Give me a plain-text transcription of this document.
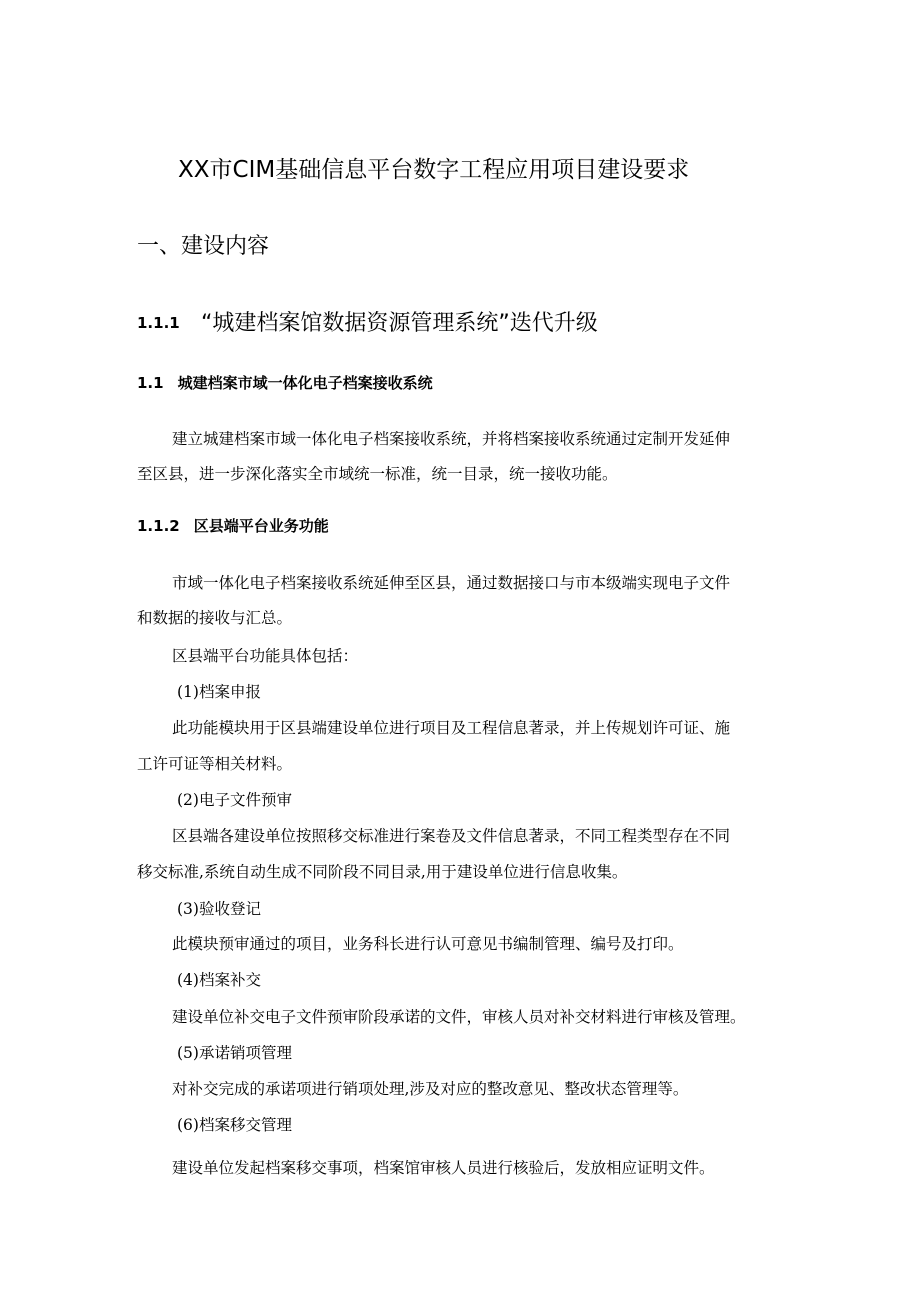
XX市CIM基础信息平台数字工程应用项目建设要求
一、建设内容
1.1.1 “城建档案馆数据资源管理系统”迭代升级
1.1 城建档案市域一体化电子档案接收系统
建立城建档案市域一体化电子档案接收系统，并将档案接收系统通过定制开发延伸
至区县，进一步深化落实全市域统一标准，统一目录，统一接收功能。
1.1.2 区县端平台业务功能
市域一体化电子档案接收系统延伸至区县，通过数据接口与市本级端实现电子文件
和数据的接收与汇总。
区县端平台功能具体包括：
(1)档案申报
此功能模块用于区县端建设单位进行项目及工程信息著录，并上传规划许可证、施
工许可证等相关材料。
(2)电子文件预审
区县端各建设单位按照移交标准进行案卷及文件信息著录，不同工程类型存在不同
移交标准,系统自动生成不同阶段不同目录,用于建设单位进行信息收集。
(3)验收登记
此模块预审通过的项目，业务科长进行认可意见书编制管理、编号及打印。
(4)档案补交
建设单位补交电子文件预审阶段承诺的文件，审核人员对补交材料进行审核及管理。
(5)承诺销项管理
对补交完成的承诺项进行销项处理,涉及对应的整改意见、整改状态管理等。
(6)档案移交管理
建设单位发起档案移交事项，档案馆审核人员进行核验后，发放相应证明文件。
